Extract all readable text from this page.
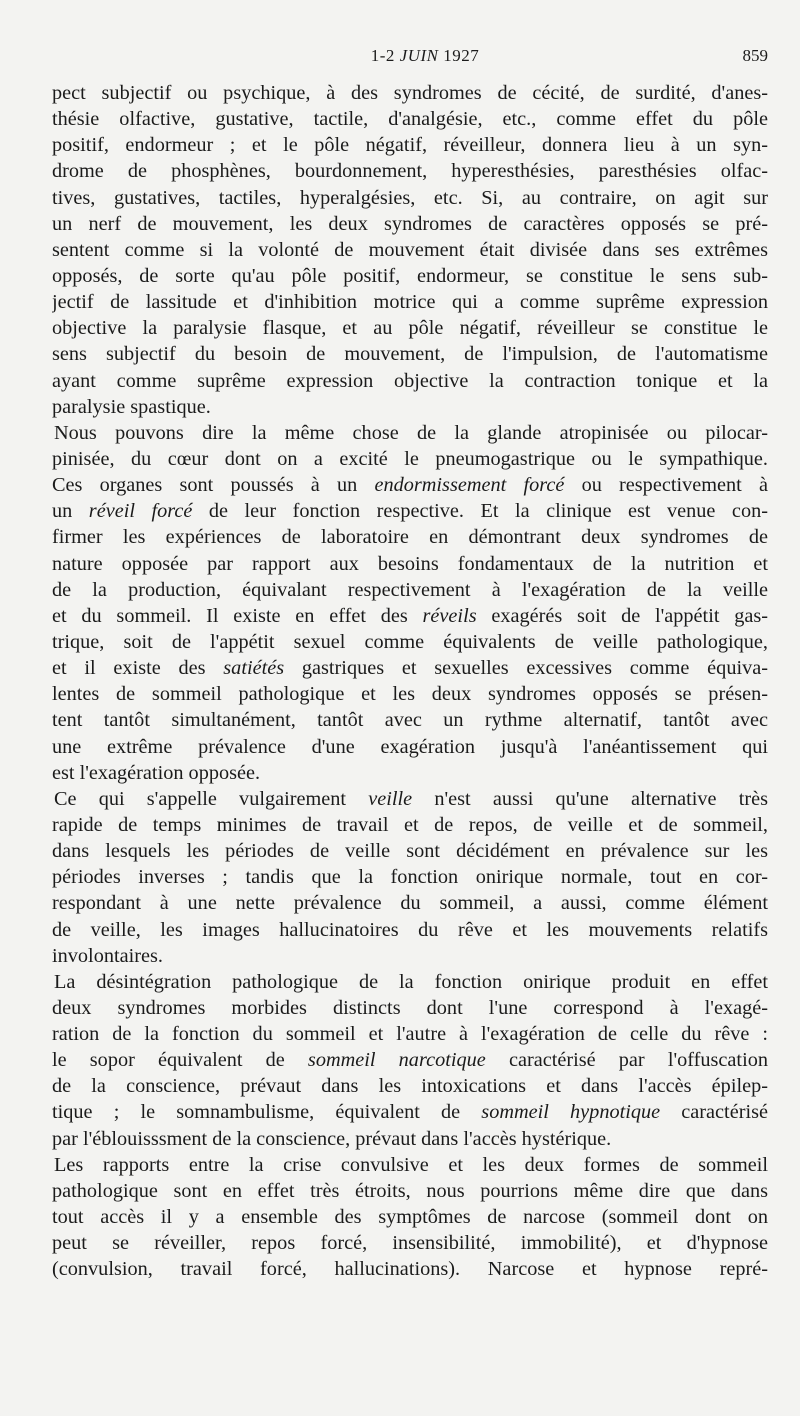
1-2 JUIN 1927	859
pect subjectif ou psychique, à des syndromes de cécité, de surdité, d'anes-
thésie olfactive, gustative, tactile, d'analgésie, etc., comme effet du pôle
positif, endormeur ; et le pôle négatif, réveilleur, donnera lieu à un syn-
drome de phosphènes, bourdonnement, hyperesthésies, paresthésies olfac-
tives, gustatives, tactiles, hyperalgésies, etc. Si, au contraire, on agit sur
un nerf de mouvement, les deux syndromes de caractères opposés se pré-
sentent comme si la volonté de mouvement était divisée dans ses extrêmes
opposés, de sorte qu'au pôle positif, endormeur, se constitue le sens sub-
jectif de lassitude et d'inhibition motrice qui a comme suprême expression
objective la paralysie flasque, et au pôle négatif, réveilleur se constitue le
sens subjectif du besoin de mouvement, de l'impulsion, de l'automatisme
ayant comme suprême expression objective la contraction tonique et la
paralysie spastique.
Nous pouvons dire la même chose de la glande atropinisée ou pilocar-
pinisée, du cœur dont on a excité le pneumogastrique ou le sympathique.
Ces organes sont poussés à un endormissement forcé ou respectivement à
un réveil forcé de leur fonction respective. Et la clinique est venue con-
firmer les expériences de laboratoire en démontrant deux syndromes de
nature opposée par rapport aux besoins fondamentaux de la nutrition et
de la production, équivalant respectivement à l'exagération de la veille
et du sommeil. Il existe en effet des réveils exagérés soit de l'appétit gas-
trique, soit de l'appétit sexuel comme équivalents de veille pathologique,
et il existe des satiétés gastriques et sexuelles excessives comme équiva-
lentes de sommeil pathologique et les deux syndromes opposés se présen-
tent tantôt simultanément, tantôt avec un rythme alternatif, tantôt avec
une extrême prévalence d'une exagération jusqu'à l'anéantissement qui
est l'exagération opposée.
Ce qui s'appelle vulgairement veille n'est aussi qu'une alternative très
rapide de temps minimes de travail et de repos, de veille et de sommeil,
dans lesquels les périodes de veille sont décidément en prévalence sur les
périodes inverses ; tandis que la fonction onirique normale, tout en cor-
respondant à une nette prévalence du sommeil, a aussi, comme élément
de veille, les images hallucinatoires du rêve et les mouvements relatifs
involontaires.
La désintégration pathologique de la fonction onirique produit en effet
deux syndromes morbides distincts dont l'une correspond à l'exagé-
ration de la fonction du sommeil et l'autre à l'exagération de celle du rêve :
le sopor équivalent de sommeil narcotique caractérisé par l'offuscation
de la conscience, prévaut dans les intoxications et dans l'accès épilep-
tique ; le somnambulisme, équivalent de sommeil hypnotique caractérisé
par l'éblouisssment de la conscience, prévaut dans l'accès hystérique.
Les rapports entre la crise convulsive et les deux formes de sommeil
pathologique sont en effet très étroits, nous pourrions même dire que dans
tout accès il y a ensemble des symptômes de narcose (sommeil dont on
peut se réveiller, repos forcé, insensibilité, immobilité), et d'hypnose
(convulsion, travail forcé, hallucinations). Narcose et hypnose repré-
